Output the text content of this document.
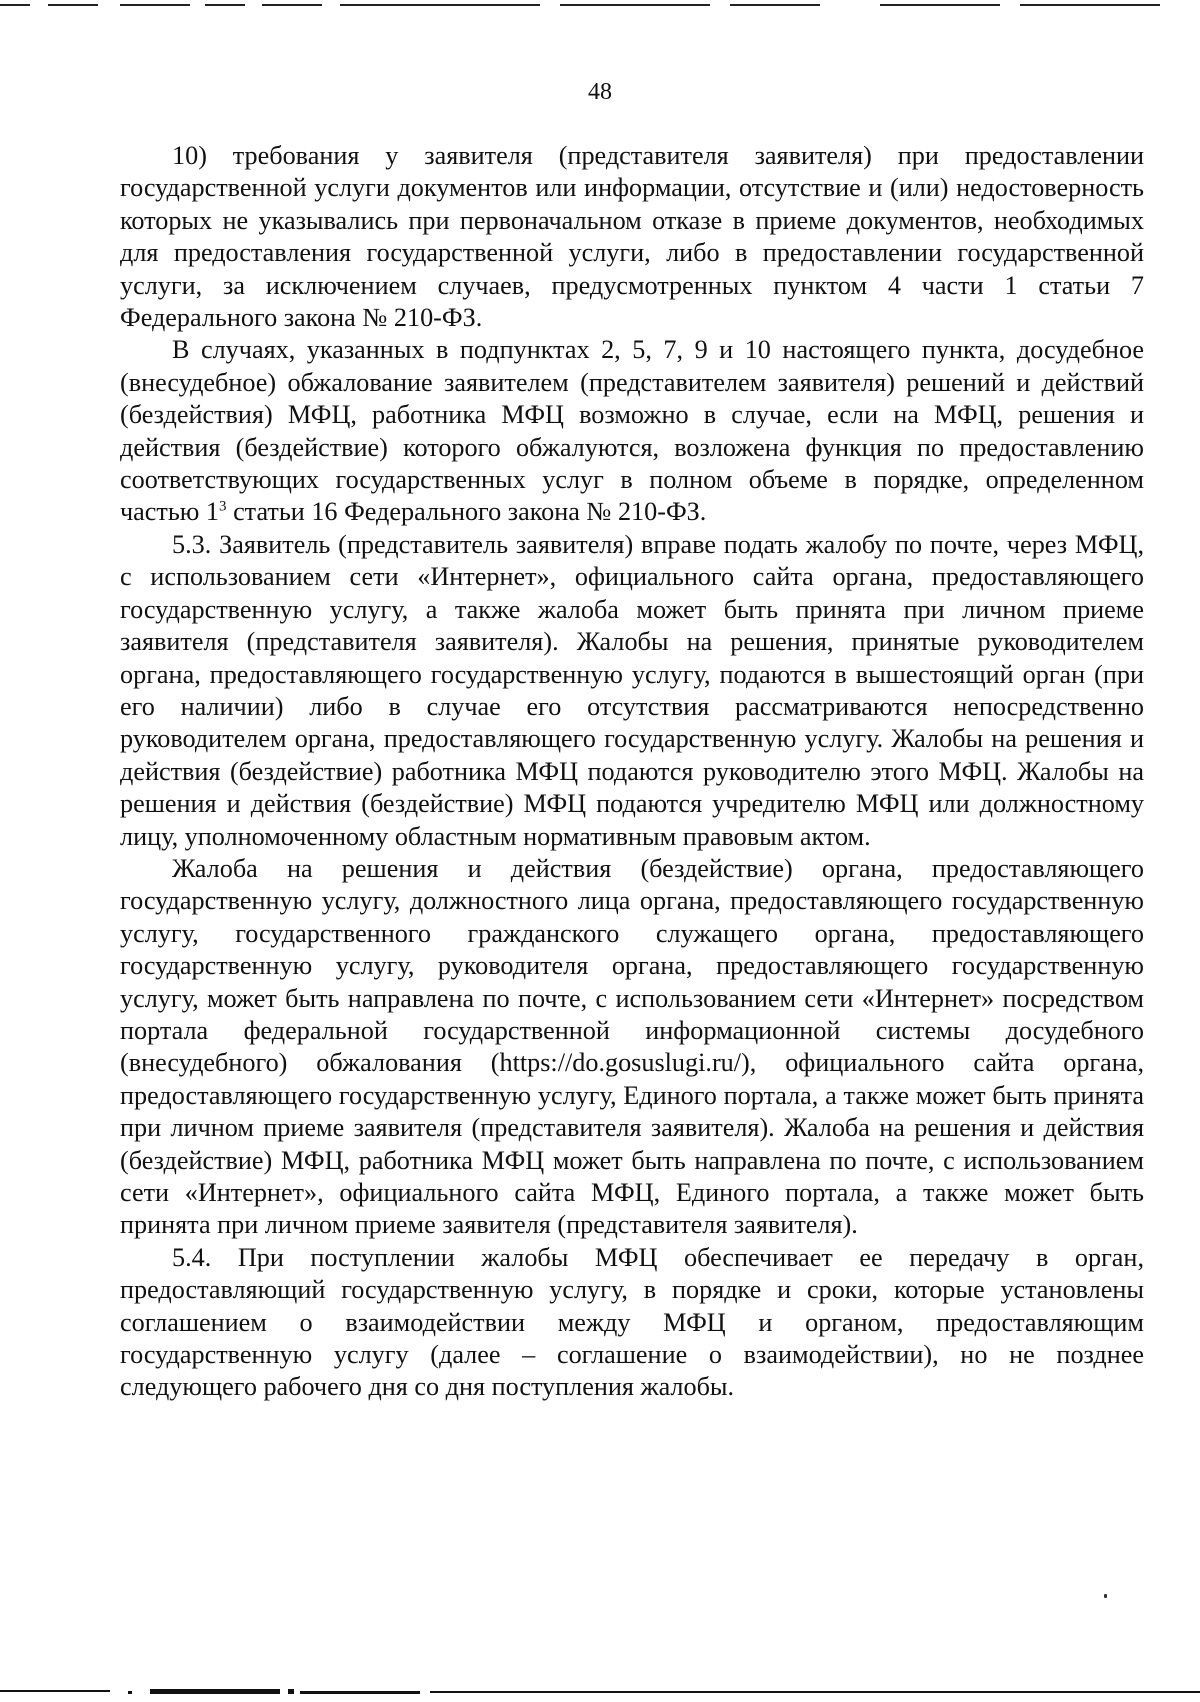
48

10) требования у заявителя (представителя заявителя) при предоставлении государственной услуги документов или информации, отсутствие и (или) недостоверность которых не указывались при первоначальном отказе в приеме документов, необходимых для предоставления государственной услуги, либо в предоставлении государственной услуги, за исключением случаев, предусмотренных пунктом 4 части 1 статьи 7 Федерального закона № 210-ФЗ.

В случаях, указанных в подпунктах 2, 5, 7, 9 и 10 настоящего пункта, досудебное (внесудебное) обжалование заявителем (представителем заявителя) решений и действий (бездействия) МФЦ, работника МФЦ возможно в случае, если на МФЦ, решения и действия (бездействие) которого обжалуются, возложена функция по предоставлению соответствующих государственных услуг в полном объеме в порядке, определенном частью $1^3$ статьи 16 Федерального закона № 210-ФЗ.

5.3. Заявитель (представитель заявителя) вправе подать жалобу по почте, через МФЦ, с использованием сети «Интернет», официального сайта органа, предоставляющего государственную услугу, а также жалоба может быть принята при личном приеме заявителя (представителя заявителя). Жалобы на решения, принятые руководителем органа, предоставляющего государственную услугу, подаются в вышестоящий орган (при его наличии) либо в случае его отсутствия рассматриваются непосредственно руководителем органа, предоставляющего государственную услугу. Жалобы на решения и действия (бездействие) работника МФЦ подаются руководителю этого МФЦ. Жалобы на решения и действия (бездействие) МФЦ подаются учредителю МФЦ или должностному лицу, уполномоченному областным нормативным правовым актом.

Жалоба на решения и действия (бездействие) органа, предоставляющего государственную услугу, должностного лица органа, предоставляющего государственную услугу, государственного гражданского служащего органа, предоставляющего государственную услугу, руководителя органа, предоставляющего государственную услугу, может быть направлена по почте, с использованием сети «Интернет» посредством портала федеральной государственной информационной системы досудебного (внесудебного) обжалования (https://do.gosuslugi.ru/), официального сайта органа, предоставляющего государственную услугу, Единого портала, а также может быть принята при личном приеме заявителя (представителя заявителя). Жалоба на решения и действия (бездействие) МФЦ, работника МФЦ может быть направлена по почте, с использованием сети «Интернет», официального сайта МФЦ, Единого портала, а также может быть принята при личном приеме заявителя (представителя заявителя).

5.4. При поступлении жалобы МФЦ обеспечивает ее передачу в орган, предоставляющий государственную услугу, в порядке и сроки, которые установлены соглашением о взаимодействии между МФЦ и органом, предоставляющим государственную услугу (далее – соглашение о взаимодействии), но не позднее следующего рабочего дня со дня поступления жалобы.
